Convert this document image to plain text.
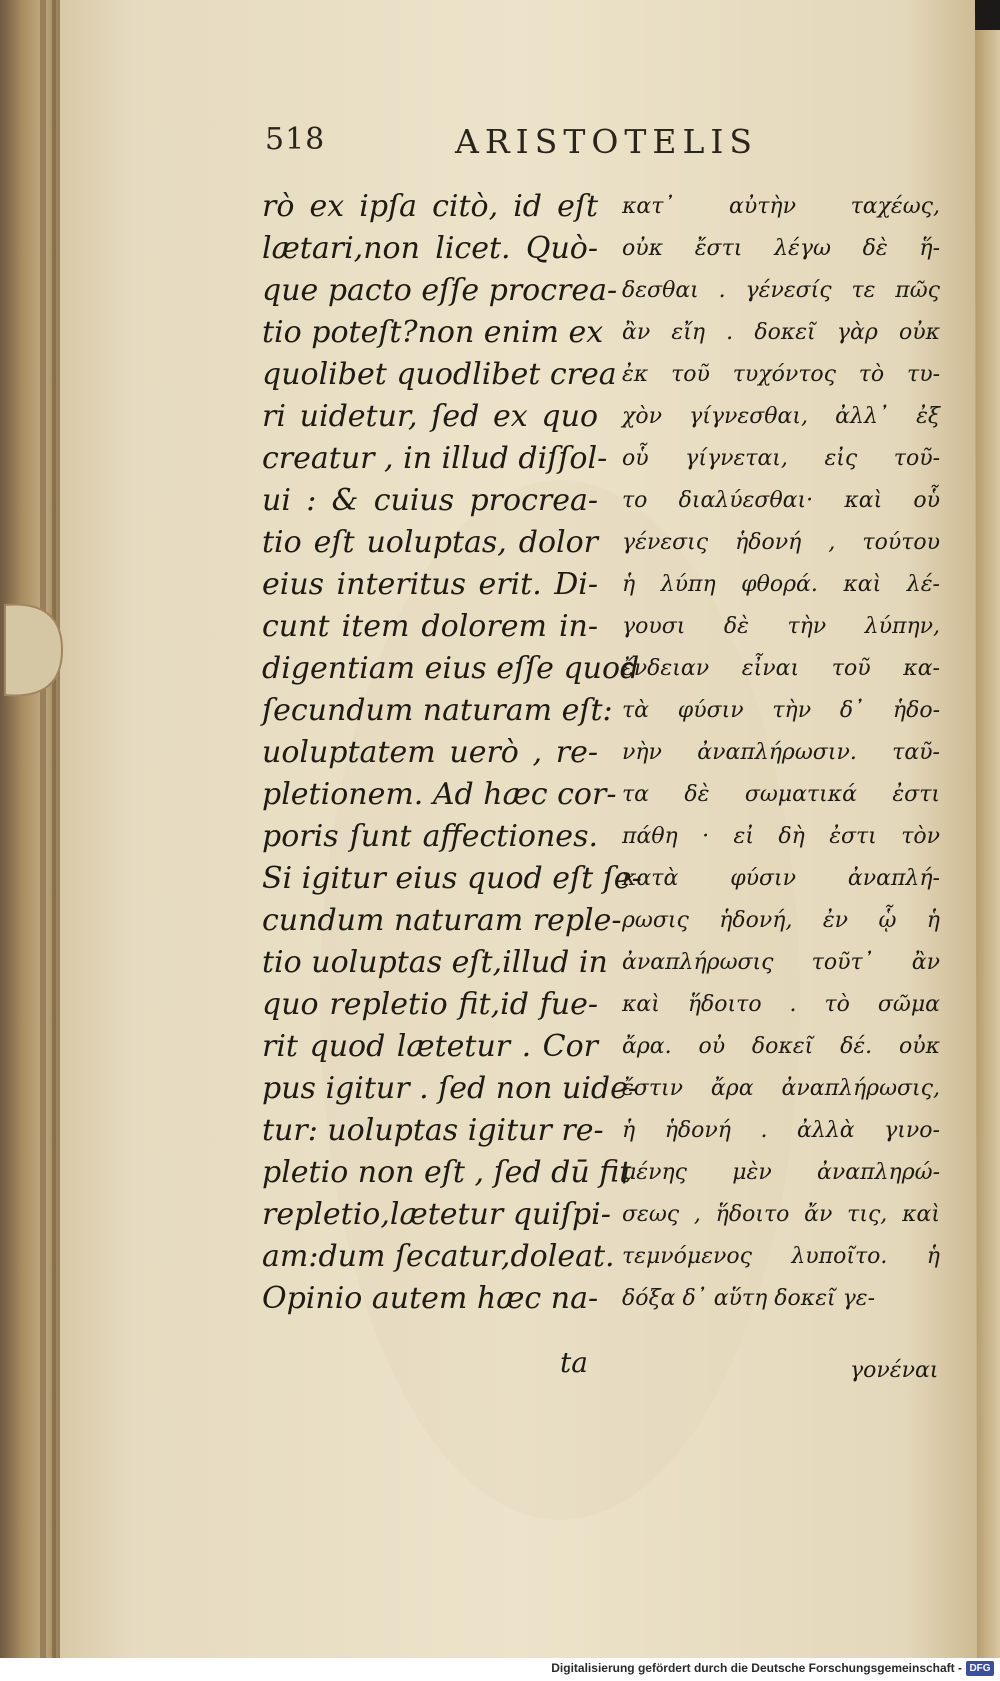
518	ARISTOTELIS
rò ex ipſa citò, id eſt
lætari,non licet. Quò-
que pacto eſſe procrea-
tio poteſt?non enim ex
quolibet quodlibet crea
ri uidetur, ſed ex quo
creatur , in illud diſſol-
ui : & cuius procrea-
tio eſt uoluptas, dolor
eius interitus erit. Di-
cunt item dolorem in-
digentiam eius eſſe quod
ſecundum naturam eſt:
uoluptatem uerò , re-
pletionem. Ad hæc cor-
poris ſunt affectiones.
Si igitur eius quod eſt ſe-
cundum naturam reple-
tio uoluptas eſt,illud in
quo repletio fit,id fue-
rit quod lætetur . Cor
pus igitur . ſed non uide-
tur: uoluptas igitur re-
pletio non eſt , ſed dū fit
repletio,lætetur quiſpi-
am:dum ſecatur,doleat.
Opinio autem hæc na-
ta
κατ᾽ αὐτὴν ταχέως,
οὐκ ἔστι λέγω δὲ ἥ-
δεσθαι . γένεσίς τε πῶς
ἂν εἴη . δοκεῖ γὰρ οὐκ
ἐκ τοῦ τυχόντος τὸ τυ-
χὸν γίγνεσθαι, ἀλλ᾽ ἐξ
οὗ γίγνεται, εἰς τοῦ-
το διαλύεσθαι· καὶ οὗ
γένεσις ἡδονή , τούτου
ἡ λύπη φθορά. καὶ λέ-
γουσι δὲ τὴν λύπην,
ἔνδειαν εἶναι τοῦ κα-
τὰ φύσιν τὴν δ᾽ ἡδο-
νὴν ἀναπλήρωσιν. ταῦ-
τα δὲ σωματικά ἐστι
πάθη · εἰ δὴ ἐστι τὸν
κατὰ φύσιν ἀναπλή-
ρωσις ἡδονή, ἐν ᾧ ἡ
ἀναπλήρωσις τοῦτ᾽ ἂν
καὶ ἥδοιτο . τὸ σῶμα
ἄρα. οὐ δοκεῖ δέ. οὐκ
ἔστιν ἄρα ἀναπλήρωσις,
ἡ ἡδονή . ἀλλὰ γινο-
μένης μὲν ἀναπληρώ-
σεως , ἥδοιτο ἄν τις, καὶ
τεμνόμενος λυποῖτο. ἡ
δόξα δ᾽ αὕτη δοκεῖ γε-
γονέναι
Digitalisierung gefördert durch die Deutsche Forschungsgemeinschaft - DFG
